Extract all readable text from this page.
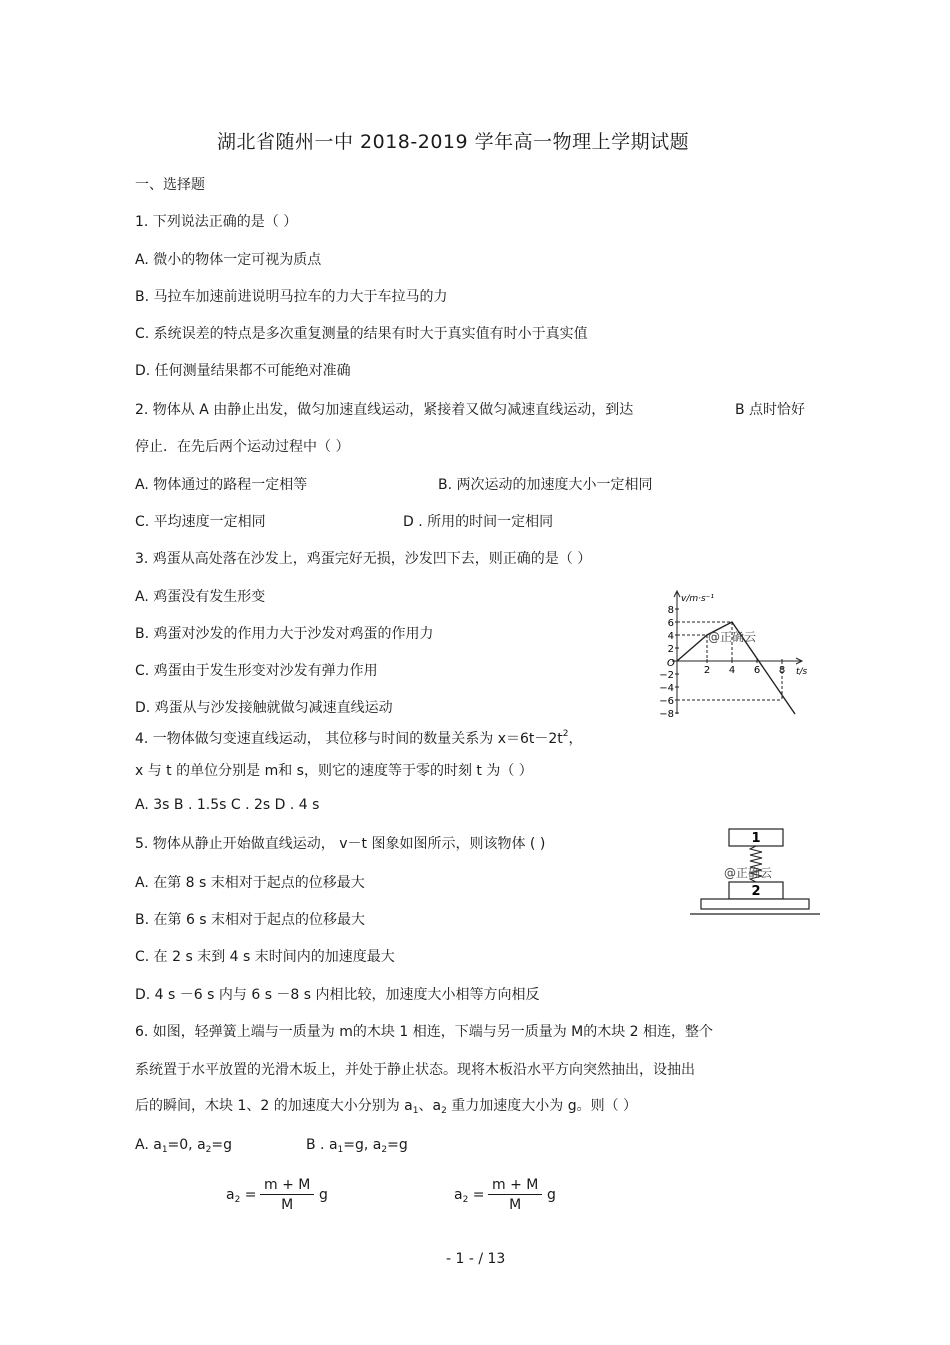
湖北省随州一中 2018-2019 学年高一物理上学期试题
一、选择题
1. 下列说法正确的是（ ）
A. 微小的物体一定可视为质点
B. 马拉车加速前进说明马拉车的力大于车拉马的力
C. 系统误差的特点是多次重复测量的结果有时大于真实值有时小于真实值
D. 任何测量结果都不可能绝对准确
2. 物体从 A 由静止出发，做匀加速直线运动，紧接着又做匀减速直线运动，到达	B 点时恰好
停止．在先后两个运动过程中（ ）
A. 物体通过的路程一定相等	B. 两次运动的加速度大小一定相同
C. 平均速度一定相同	D . 所用的时间一定相同
3. 鸡蛋从高处落在沙发上，鸡蛋完好无损，沙发凹下去，则正确的是（ ）
A. 鸡蛋没有发生形变
B. 鸡蛋对沙发的作用力大于沙发对鸡蛋的作用力
C. 鸡蛋由于发生形变对沙发有弹力作用
D. 鸡蛋从与沙发接触就做匀减速直线运动
v/m·s⁻¹
t/s
O
8
6
4
2
−2
−4
−6
−8
2 4 6 8
@正确云
4. 一物体做匀变速直线运动， 其位移与时间的数量关系为 $x=6t-2t^2$，
x 与 t 的单位分别是 m和 s，则它的速度等于零的时刻 t 为（ ）
A. 3s B . 1.5s C . 2s D . 4 s
1
2
@正确云
5. 物体从静止开始做直线运动， v－t 图象如图所示，则该物体 ( )
A. 在第 8 s 末相对于起点的位移最大
B. 在第 6 s 末相对于起点的位移最大
C. 在 2 s 末到 4 s 末时间内的加速度最大
D. 4 s －6 s 内与 6 s －8 s 内相比较，加速度大小相等方向相反
6. 如图，轻弹簧上端与一质量为 m的木块 1 相连，下端与另一质量为 M的木块 2 相连，整个
系统置于水平放置的光滑木坂上，并处于静止状态。现将木板沿水平方向突然抽出，设抽出
后的瞬间，木块 1、2 的加速度大小分别为 $a_1$、$a_2$ 重力加速度大小为 g。则（ ）
A. $a_1=0$, $a_2=g$	B . $a_1=g$, $a_2=g$
$a_2 = \frac{m + M}{M}$ g	$a_2 = \frac{m + M}{M}$ g
- 1 - / 13
